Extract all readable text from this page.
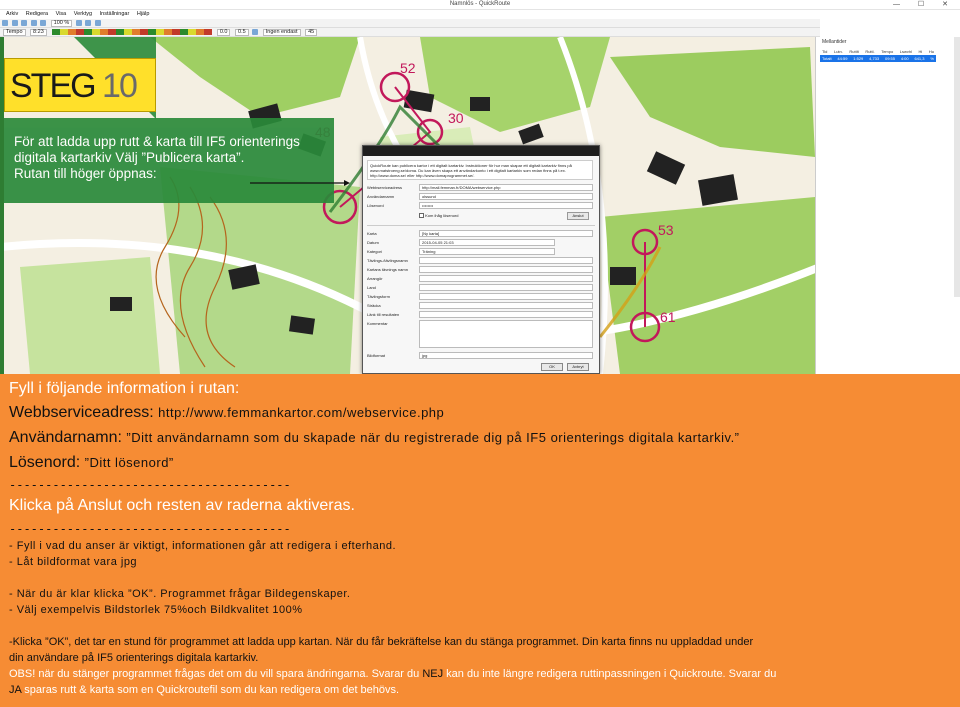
Namnlös - QuickRoute	— ☐ ✕
Arkiv Redigera Visa Verktyg Inställningar Hjälp
100 %
Tempo 8:23	0.0 0.5	Ingen endast 45
52
30
53
61
Mellantider
Tid Lutn. Ruttlt Ruttl. Tempo Lswvhl Hi Hu
Totalt 44:59 1:529 4,733 09:55 4:00 641,3 %
STEG 10

För att ladda upp rutt & karta till IF5 orienterings

digitala kartarkiv Välj ”Publicera karta”.

Rutan till höger öppnas:

QuickRoute kan publicera kartor i ett digitalt kartarkiv. Instruktioner för hur man skapar ett digitalt kartarkiv finns på
www.matstroeng.se/doma. Du kan även skapa ett användarkonto i ett digitalt kartarkiv som redan finns på t.ex.
http://www.doma.se/ eller http://www.domaprogrammet.se/.
Webbserviceadress	http://mail.femman.fr/DOMA/webservice.php
Användarnamn	olssund
Lösenord	••••••••
Kom ihåg lösenord	Anslut
Karta	[Ny karta]
Datum	2015-04-05 21:03
Kategori	Träning
Tävlings-/tävlingsnamn
Kartans tävnings namn
Arrangör
Land
Tävlingsform
Sträcka
Länk till resultaten
Kommentar
Bildformat	jpg
OK	Avbryt
Fyll i följande information i rutan:
Webbserviceadress: http://www.femmankartor.com/webservice.php
Användarnamn: ”Ditt användarnamn som du skapade när du registrerade dig på IF5 orienterings digitala kartarkiv.”
Lösenord: ”Ditt lösenord”
---------------------------------------
Klicka på Anslut och resten av raderna aktiveras.
---------------------------------------
- Fyll i vad du anser är viktigt, informationen går att redigera i efterhand.
- Låt bildformat vara jpg
- När du är klar klicka ”OK”. Programmet frågar Bildegenskaper.
- Välj exempelvis Bildstorlek 75%och Bildkvalitet 100%
-Klicka ”OK”, det tar en stund för programmet att ladda upp kartan. När du får bekräftelse kan du stänga programmet. Din karta finns nu uppladdad under
din användare på IF5 orienterings digitala kartarkiv.
OBS! när du stänger programmet frågas det om du vill spara ändringarna. Svarar du NEJ kan du inte längre redigera ruttinpassningen i Quickroute. Svarar du
JA sparas rutt & karta som en Quickroutefil som du kan redigera om det behövs.
